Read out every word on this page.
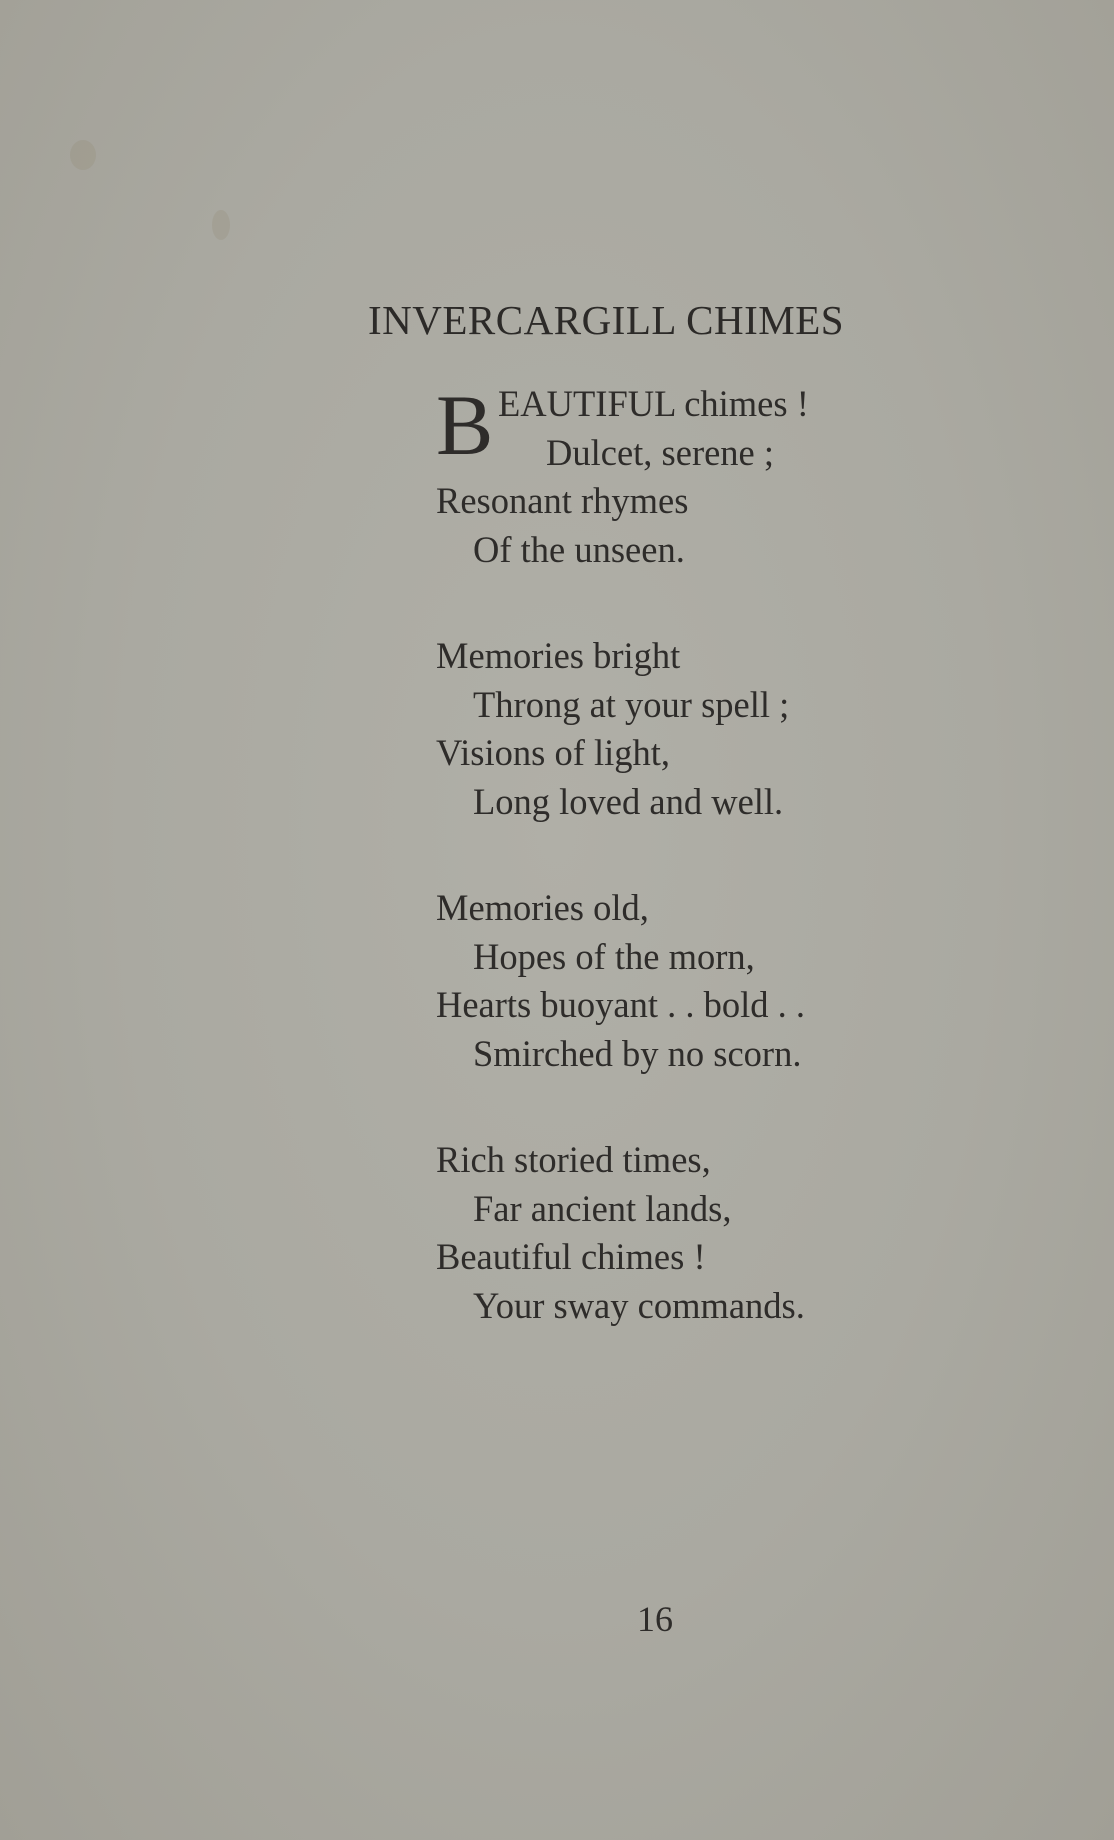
INVERCARGILL CHIMES
B EAUTIFUL chimes !
Dulcet, serene ;
Resonant rhymes
Of the unseen.
Memories bright
Throng at your spell ;
Visions of light,
Long loved and well.
Memories old,
Hopes of the morn,
Hearts buoyant . . bold . .
Smirched by no scorn.
Rich storied times,
Far ancient lands,
Beautiful chimes !
Your sway commands.
16
